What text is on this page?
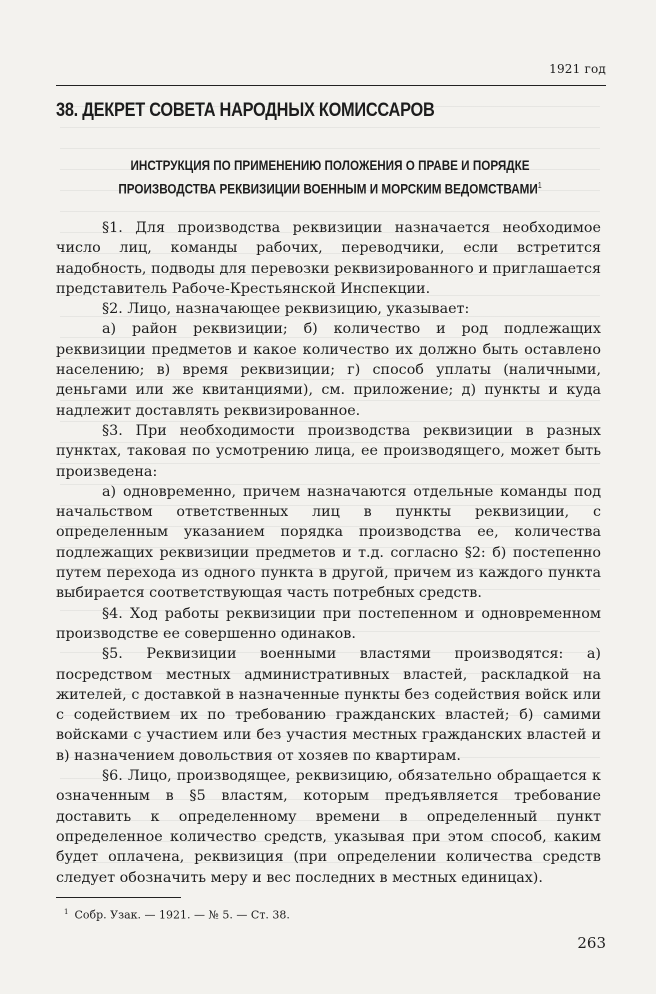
1921 год
38. ДЕКРЕТ СОВЕТА НАРОДНЫХ КОМИССАРОВ
ИНСТРУКЦИЯ ПО ПРИМЕНЕНИЮ ПОЛОЖЕНИЯ О ПРАВЕ И ПОРЯДКЕ
ПРОИЗВОДСТВА РЕКВИЗИЦИИ ВОЕННЫМ И МОРСКИМ ВЕДОМСТВАМИ$^1$

§1. Для производства реквизиции назначается необходимое число лиц, команды рабочих, переводчики, если встретится надобность, подводы для перевозки реквизированного и приглашается представитель Рабоче-Крестьянской Инспекции.

§2. Лицо, назначающее реквизицию, указывает:

а) район реквизиции; б) количество и род подлежащих реквизиции предметов и какое количество их должно быть оставлено населению; в) время реквизиции; г) способ уплаты (наличными, деньгами или же квитанциями), см. приложение; д) пункты и куда надлежит доставлять реквизированное.

§3. При необходимости производства реквизиции в разных пунктах, таковая по усмотрению лица, ее производящего, может быть произведена:

а) одновременно, причем назначаются отдельные команды под начальством ответственных лиц в пункты реквизиции, с определенным указанием порядка производства ее, количества подлежащих реквизиции предметов и т.д. согласно §2: б) постепенно путем перехода из одного пункта в другой, причем из каждого пункта выбирается соответствующая часть потребных средств.

§4. Ход работы реквизиции при постепенном и одновременном производстве ее совершенно одинаков.

§5. Реквизиции военными властями производятся: а) посредством местных административных властей, раскладкой на жителей, с доставкой в назначенные пункты без содействия войск или с содействием их по требованию гражданских властей; б) самими войсками с участием или без участия местных гражданских властей и в) назначением довольствия от хозяев по квартирам.

§6. Лицо, производящее, реквизицию, обязательно обращается к означенным в §5 властям, которым предъявляется требование доставить к определенному времени в определенный пункт определенное количество средств, указывая при этом способ, каким будет оплачена, реквизиция (при определении количества средств следует обозначить меру и вес последних в местных единицах).

$^1$ Собр. Узак. — 1921. — № 5. — Ст. 38.
263
